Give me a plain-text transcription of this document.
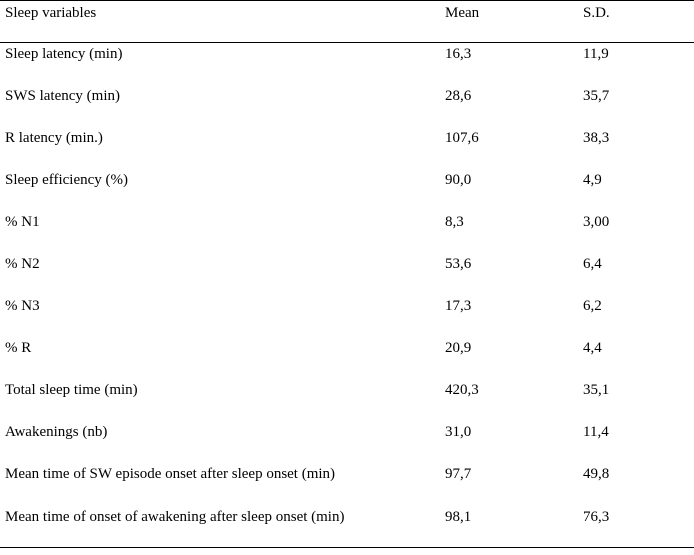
Sleep variables	Mean	S.D.
Sleep latency (min)	16,3	11,9
SWS latency (min)	28,6	35,7
R latency (min.)	107,6	38,3
Sleep efficiency (%)	90,0	4,9
% N1	8,3	3,00
% N2	53,6	6,4
% N3	17,3	6,2
% R	20,9	4,4
Total sleep time (min)	420,3	35,1
Awakenings (nb)	31,0	11,4
Mean time of SW episode onset after sleep onset (min)	97,7	49,8
Mean time of onset of awakening after sleep onset (min)	98,1	76,3
